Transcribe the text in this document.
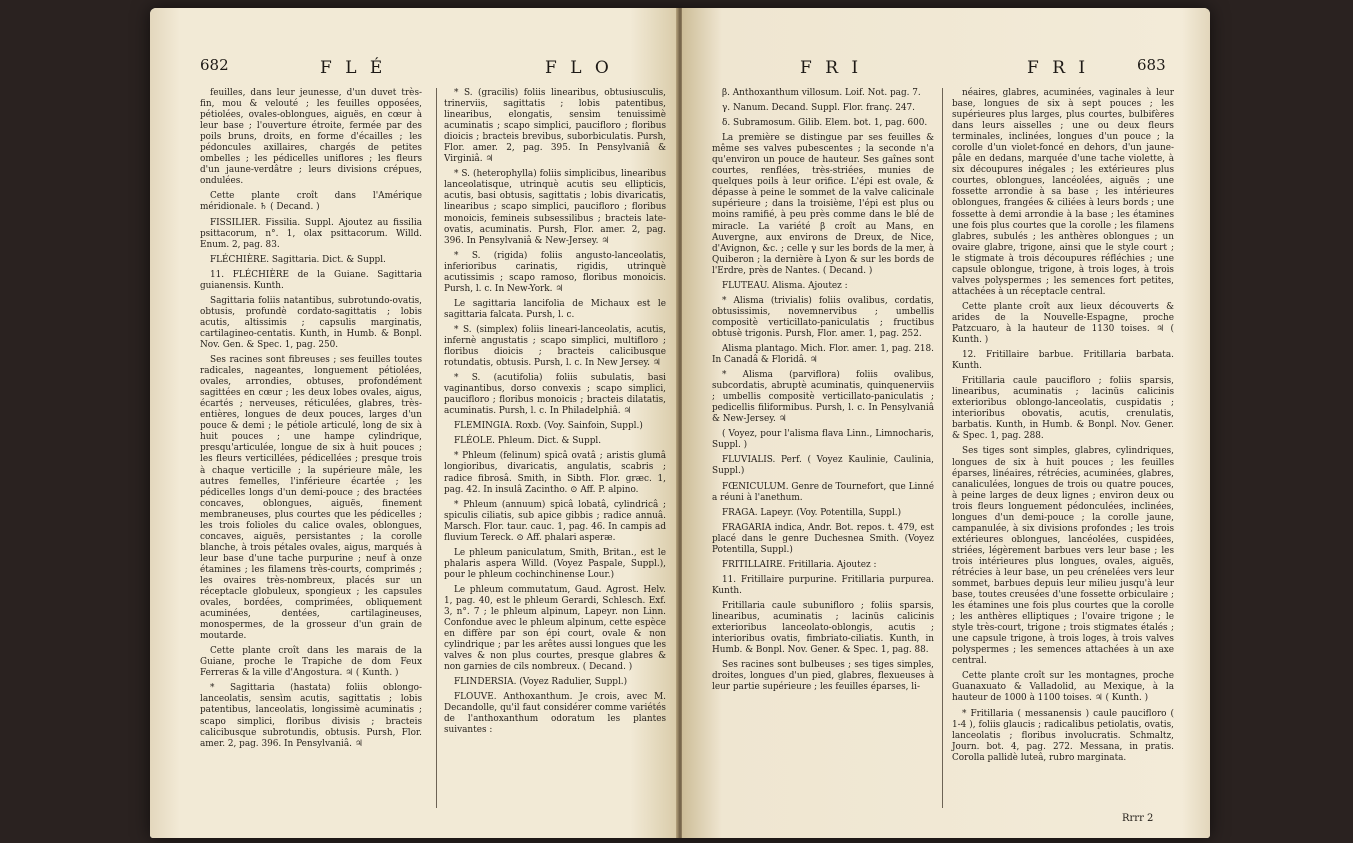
682	F L É	F L O

feuilles, dans leur jeunesse, d'un duvet très-fin, mou & velouté ; les feuilles opposées, pétiolées, ovales-oblongues, aiguës, en cœur à leur base ; l'ouverture étroite, fermée par des poils bruns, droits, en forme d'écailles ; les pédoncules axillaires, chargés de petites ombelles ; les pédicelles uniflores ; les fleurs d'un jaune-verdâtre ; leurs divisions crépues, ondulées.

Cette plante croît dans l'Amérique méridionale. ♄ ( Decand. )

FISSILIER. Fissilia. Suppl. Ajoutez au fissilia psittacorum, n°. 1, olax psittacorum. Willd. Enum. 2, pag. 83.

FLÉCHIÈRE. Sagittaria. Dict. & Suppl.

11. FLÉCHIÈRE de la Guiane. Sagittaria guianensis. Kunth.

Sagittaria foliis natantibus, subrotundo-ovatis, obtusis, profundè cordato-sagittatis ; lobis acutis, altissimis ; capsulis marginatis, cartilagineo-centatis. Kunth, in Humb. & Bonpl. Nov. Gen. & Spec. 1, pag. 250.

Ses racines sont fibreuses ; ses feuilles toutes radicales, nageantes, longuement pétiolées, ovales, arrondies, obtuses, profondément sagittées en cœur ; les deux lobes ovales, aigus, écartés ; nerveuses, réticulées, glabres, très-entières, longues de deux pouces, larges d'un pouce & demi ; le pétiole articulé, long de six à huit pouces ; une hampe cylindrique, presqu'articulée, longue de six à huit pouces ; les fleurs verticillées, pédicellées ; presque trois à chaque verticille ; la supérieure mâle, les autres femelles, l'inférieure écartée ; les pédicelles longs d'un demi-pouce ; des bractées concaves, oblongues, aiguës, finement membraneuses, plus courtes que les pédicelles ; les trois folioles du calice ovales, oblongues, concaves, aiguës, persistantes ; la corolle blanche, à trois pétales ovales, aigus, marqués à leur base d'une tache purpurine ; neuf à onze étamines ; les filamens très-courts, comprimés ; les ovaires très-nombreux, placés sur un réceptacle globuleux, spongieux ; les capsules ovales, bordées, comprimées, obliquement acuminées, dentées, cartilagineuses, monospermes, de la grosseur d'un grain de moutarde.

Cette plante croît dans les marais de la Guiane, proche le Trapiche de dom Feux Ferreras & la ville d'Angostura. ♃ ( Kunth. )

* Sagittaria (hastata) foliis oblongo-lanceolatis, sensìm acutis, sagittatis ; lobis patentibus, lanceolatis, longissimè acuminatis ; scapo simplici, floribus divisis ; bracteis calicibusque subrotundis, obtusis. Pursh, Flor. amer. 2, pag. 396. In Pensylvaniâ. ♃

* S. (gracilis) foliis linearibus, obtusiusculis, trinerviis, sagittatis ; lobis patentibus, linearibus, elongatis, sensìm tenuissimè acuminatis ; scapo simplici, paucifloro ; floribus dioicis ; bracteis brevibus, suborbiculatis. Pursh, Flor. amer. 2, pag. 395. In Pensylvaniâ & Virginiâ. ♃

* S. (heterophylla) foliis simplicibus, linearibus lanceolatisque, utrinquè acutis seu ellipticis, acutis, basi obtusis, sagittatis ; lobis divaricatis, linearibus ; scapo simplici, paucifloro ; floribus monoicis, femineis subsessilibus ; bracteis late-ovatis, acuminatis. Pursh, Flor. amer. 2, pag. 396. In Pensylvaniâ & New-Jersey. ♃

* S. (rigida) foliis angusto-lanceolatis, inferioribus carinatis, rigidis, utrinquè acutissimis ; scapo ramoso, floribus monoicis. Pursh, l. c. In New-York. ♃

Le sagittaria lancifolia de Michaux est le sagittaria falcata. Pursh, l. c.

* S. (simplex) foliis lineari-lanceolatis, acutis, infernè angustatis ; scapo simplici, multifloro ; floribus dioicis ; bracteis calicibusque rotundatis, obtusis. Pursh, l. c. In New Jersey. ♃

* S. (acutifolia) foliis subulatis, basi vaginantibus, dorso convexis ; scapo simplici, paucifloro ; floribus monoicis ; bracteis dilatatis, acuminatis. Pursh, l. c. In Philadelphiâ. ♃

FLEMINGIA. Roxb. (Voy. Sainfoin, Suppl.)

FLÉOLE. Phleum. Dict. & Suppl.

* Phleum (felinum) spicâ ovatâ ; aristis glumâ longioribus, divaricatis, angulatis, scabris ; radice fibrosâ. Smith, in Sibth. Flor. græc. 1, pag. 42. In insulâ Zacintho. ⊙ Aff. P. alpino.

* Phleum (annuum) spicâ lobatâ, cylindricâ ; spiculis ciliatis, sub apice gibbis ; radice annuâ. Marsch. Flor. taur. cauc. 1, pag. 46. In campis ad fluvium Tereck. ⊙ Aff. phalari asperæ.

Le phleum paniculatum, Smith, Britan., est le phalaris aspera Willd. (Voyez Paspale, Suppl.), pour le phleum cochinchinense Lour.)

Le phleum commutatum, Gaud. Agrost. Helv. 1, pag. 40, est le phleum Gerardi, Schlesch. Exf. 3, n°. 7 ; le phleum alpinum, Lapeyr. non Linn. Confondue avec le phleum alpinum, cette espèce en diffère par son épi court, ovale & non cylindrique ; par les arêtes aussi longues que les valves & non plus courtes, presque glabres & non garnies de cils nombreux. ( Decand. )

FLINDERSIA. (Voyez Radulier, Suppl.)

FLOUVE. Anthoxanthum. Je crois, avec M. Decandolle, qu'il faut considérer comme variétés de l'anthoxanthum odoratum les plantes suivantes :

F R I	F R I	683

β. Anthoxanthum villosum. Loif. Not. pag. 7.

γ. Nanum. Decand. Suppl. Flor. franç. 247.

δ. Subramosum. Gilib. Elem. bot. 1, pag. 600.

La première se distingue par ses feuilles & même ses valves pubescentes ; la seconde n'a qu'environ un pouce de hauteur. Ses gaînes sont courtes, renflées, très-striées, munies de quelques poils à leur orifice. L'épi est ovale, & dépasse à peine le sommet de la valve calicinale supérieure ; dans la troisième, l'épi est plus ou moins ramifié, à peu près comme dans le blé de miracle. La variété β croît au Mans, en Auvergne, aux environs de Dreux, de Nice, d'Avignon, &c. ; celle γ sur les bords de la mer, à Quiberon ; la dernière à Lyon & sur les bords de l'Erdre, près de Nantes. ( Decand. )

FLUTEAU. Alisma. Ajoutez :

* Alisma (trivialis) foliis ovalibus, cordatis, obtusissimis, novemnervibus ; umbellis compositè verticillato-paniculatis ; fructibus obtusè trigonis. Pursh, Flor. amer. 1, pag. 252.

Alisma plantago. Mich. Flor. amer. 1, pag. 218. In Canadâ & Floridâ. ♃

* Alisma (parviflora) foliis ovalibus, subcordatis, abruptè acuminatis, quinquenerviis ; umbellis compositè verticillato-paniculatis ; pedicellis filiformibus. Pursh, l. c. In Pensylvaniâ & New-Jersey. ♃

( Voyez, pour l'alisma flava Linn., Limnocharis, Suppl. )

FLUVIALIS. Perf. ( Voyez Kaulinie, Caulinia, Suppl.)

FŒNICULUM. Genre de Tournefort, que Linné a réuni à l'anethum.

FRAGA. Lapeyr. (Voy. Potentilla, Suppl.)

FRAGARIA indica, Andr. Bot. repos. t. 479, est placé dans le genre Duchesnea Smith. (Voyez Potentilla, Suppl.)

FRITILLAIRE. Fritillaria. Ajoutez :

11. Fritillaire purpurine. Fritillaria purpurea. Kunth.

Fritillaria caule subunifloro ; foliis sparsis, linearibus, acuminatis ; lacinüs calicinis exterioribus lanceolato-oblongis, acutis ; interioribus ovatis, fimbriato-ciliatis. Kunth, in Humb. & Bonpl. Nov. Gener. & Spec. 1, pag. 88.

Ses racines sont bulbeuses ; ses tiges simples, droites, longues d'un pied, glabres, flexueuses à leur partie supérieure ; les feuilles éparses, li-

néaires, glabres, acuminées, vaginales à leur base, longues de six à sept pouces ; les supérieures plus larges, plus courtes, bulbifères dans leurs aisselles ; une ou deux fleurs terminales, inclinées, longues d'un pouce ; la corolle d'un violet-foncé en dehors, d'un jaune-pâle en dedans, marquée d'une tache violette, à six découpures inégales ; les extérieures plus courtes, oblongues, lancéolées, aiguës ; une fossette arrondie à sa base ; les intérieures oblongues, frangées & ciliées à leurs bords ; une fossette à demi arrondie à la base ; les étamines une fois plus courtes que la corolle ; les filamens glabres, subulés ; les anthères oblongues ; un ovaire glabre, trigone, ainsi que le style court ; le stigmate à trois découpures réfléchies ; une capsule oblongue, trigone, à trois loges, à trois valves polyspermes ; les semences fort petites, attachées à un réceptacle central.

Cette plante croît aux lieux découverts & arides de la Nouvelle-Espagne, proche Patzcuaro, à la hauteur de 1130 toises. ♃ ( Kunth. )

12. Fritillaire barbue. Fritillaria barbata. Kunth.

Fritillaria caule paucifloro ; foliis sparsis, linearibus, acuminatis ; lacinüs calicinis exterioribus oblongo-lanceolatis, cuspidatis ; interioribus obovatis, acutis, crenulatis, barbatis. Kunth, in Humb. & Bonpl. Nov. Gener. & Spec. 1, pag. 288.

Ses tiges sont simples, glabres, cylindriques, longues de six à huit pouces ; les feuilles éparses, linéaires, rétrécies, acuminées, glabres, canaliculées, longues de trois ou quatre pouces, à peine larges de deux lignes ; environ deux ou trois fleurs longuement pédonculées, inclinées, longues d'un demi-pouce ; la corolle jaune, campanulée, à six divisions profondes ; les trois extérieures oblongues, lancéolées, cuspidées, striées, légèrement barbues vers leur base ; les trois intérieures plus longues, ovales, aiguës, rétrécies à leur base, un peu crénelées vers leur sommet, barbues depuis leur milieu jusqu'à leur base, toutes creusées d'une fossette orbiculaire ; les étamines une fois plus courtes que la corolle ; les anthères elliptiques ; l'ovaire trigone ; le style très-court, trigone ; trois stigmates étalés ; une capsule trigone, à trois loges, à trois valves polyspermes ; les semences attachées à un axe central.

Cette plante croît sur les montagnes, proche Guanaxuato & Valladolid, au Mexique, à la hauteur de 1000 à 1100 toises. ♃ ( Kunth. )

* Fritillaria ( messanensis ) caule paucifloro ( 1-4 ), foliis glaucis ; radicalibus petiolatis, ovatis, lanceolatis ; floribus involucratis. Schmaltz, Journ. bot. 4, pag. 272. Messana, in pratis. Corolla pallidè luteâ, rubro marginata.

Rrrr 2
